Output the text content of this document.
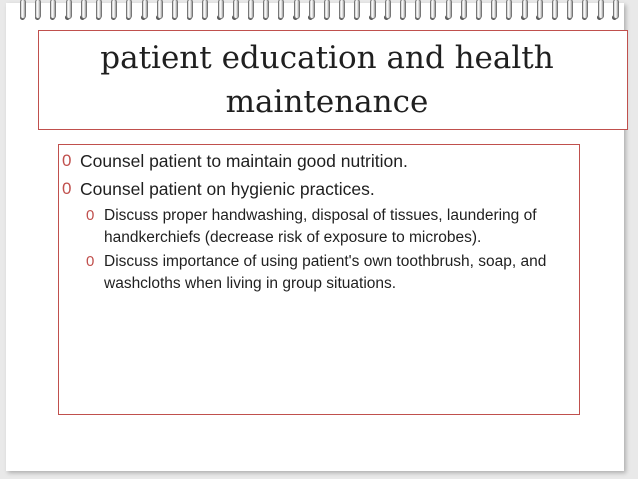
patient education and health maintenance
0 Counsel patient to maintain good nutrition.
0 Counsel patient on hygienic practices.
0 Discuss proper handwashing, disposal of tissues, laundering of handkerchiefs (decrease risk of exposure to microbes).
0 Discuss importance of using patient's own toothbrush, soap, and washcloths when living in group situations.
